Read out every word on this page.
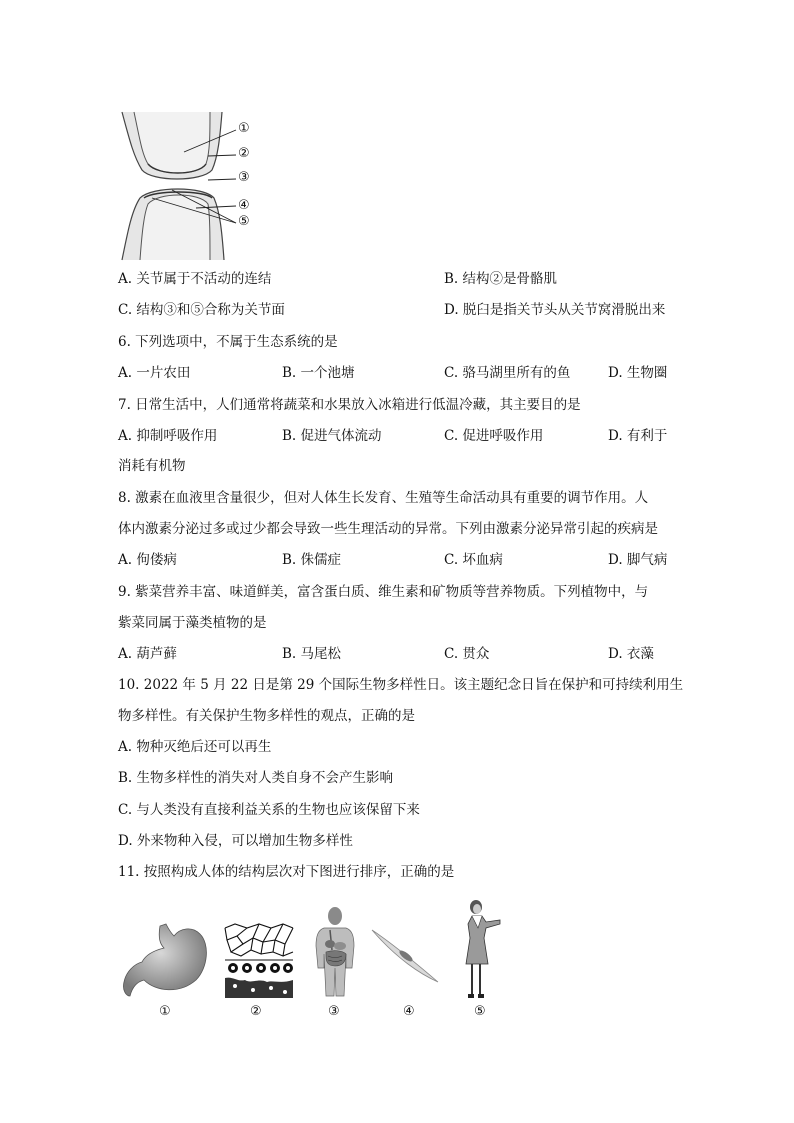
①
②
③
④
⑤
A. 关节属于不活动的连结	B. 结构②是骨骼肌
C. 结构③和⑤合称为关节面	D. 脱臼是指关节头从关节窝滑脱出来
6. 下列选项中，不属于生态系统的是
A. 一片农田	B. 一个池塘	C. 骆马湖里所有的鱼	D. 生物圈
7. 日常生活中，人们通常将蔬菜和水果放入冰箱进行低温冷藏，其主要目的是
A. 抑制呼吸作用	B. 促进气体流动	C. 促进呼吸作用	D. 有利于
消耗有机物
8. 激素在血液里含量很少，但对人体生长发育、生殖等生命活动具有重要的调节作用。人
体内激素分泌过多或过少都会导致一些生理活动的异常。下列由激素分泌异常引起的疾病是
A. 佝偻病	B. 侏儒症	C. 坏血病	D. 脚气病
9. 紫菜营养丰富、味道鲜美，富含蛋白质、维生素和矿物质等营养物质。下列植物中，与
紫菜同属于藻类植物的是
A. 葫芦藓	B. 马尾松	C. 贯众	D. 衣藻
10. 2022 年 5 月 22 日是第 29 个国际生物多样性日。该主题纪念日旨在保护和可持续利用生
物多样性。有关保护生物多样性的观点，正确的是
A. 物种灭绝后还可以再生
B. 生物多样性的消失对人类自身不会产生影响
C. 与人类没有直接利益关系的生物也应该保留下来
D. 外来物种入侵，可以增加生物多样性
11. 按照构成人体的结构层次对下图进行排序，正确的是
①	②	③	④	⑤
